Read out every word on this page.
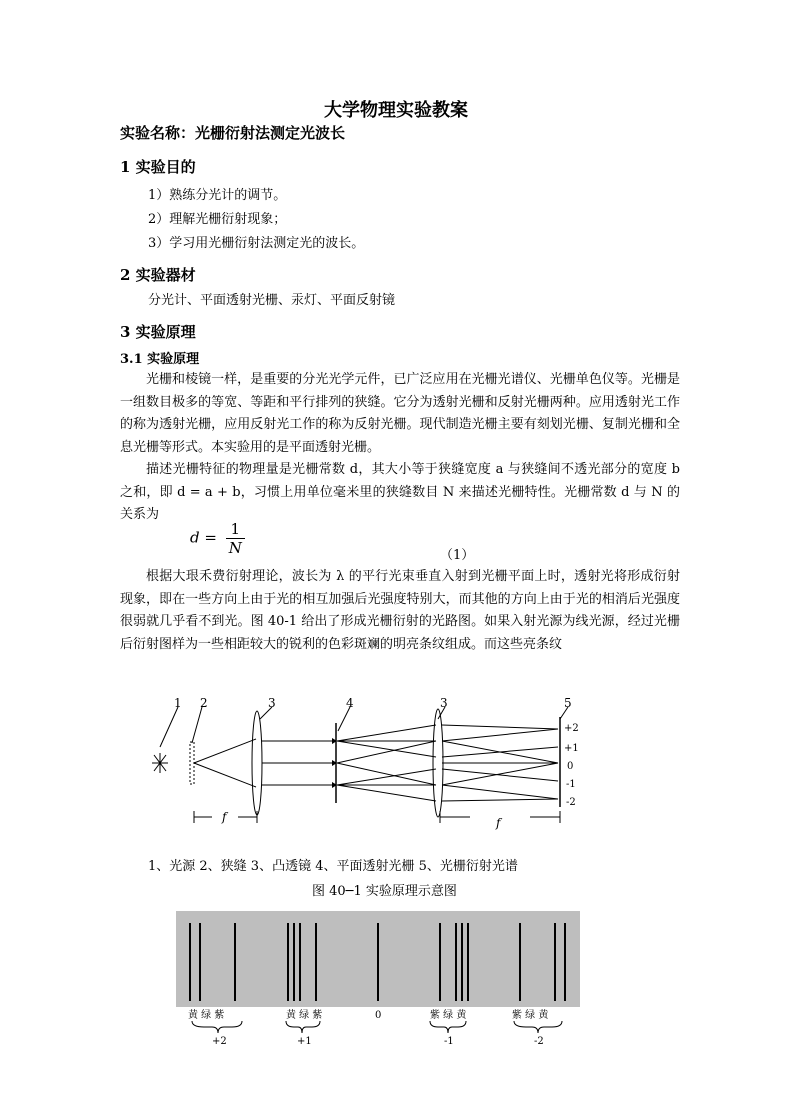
大学物理实验教案
实验名称：光栅衍射法测定光波长
1 实验目的
1）熟练分光计的调节。
2）理解光栅衍射现象；
3）学习用光栅衍射法测定光的波长。
2 实验器材
分光计、平面透射光栅、汞灯、平面反射镜
3 实验原理
3.1 实验原理

光栅和棱镜一样，是重要的分光光学元件，已广泛应用在光栅光谱仪、光栅单色仪等。光栅是一组数目极多的等宽、等距和平行排列的狭缝。它分为透射光栅和反射光栅两种。应用透射光工作的称为透射光栅，应用反射光工作的称为反射光栅。现代制造光栅主要有刻划光栅、复制光栅和全息光栅等形式。本实验用的是平面透射光栅。

描述光栅特征的物理量是光栅常数 d，其大小等于狭缝宽度 a 与狭缝间不透光部分的宽度 b 之和，即 d = a + b，习惯上用单位毫米里的狭缝数目 N 来描述光栅特性。光栅常数 d 与 N 的关系为

$d = \frac{1}{N}$	（1）

根据大珢禾费衍射理论，波长为 λ 的平行光束垂直入射到光栅平面上时，透射光将形成衍射现象，即在一些方向上由于光的相互加强后光强度特别大，而其他的方向上由于光的相消后光强度很弱就几乎看不到光。图 40-1 给出了形成光栅衍射的光路图。如果入射光源为线光源，经过光栅后衍射图样为一些相距较大的锐利的色彩斑斓的明亮条纹组成。而这些亮条纹

1 2	3	4	3	5
+2
+1
0
-1
-2
f	f
1、光源 2、狭缝 3、凸透镜 4、平面透射光栅 5、光栅衍射光谱
图 40─1 实验原理示意图
黄 绿 紫	黄 绿 紫	0	紫 绿 黄	紫 绿 黄
+2	+1	-1	-2
